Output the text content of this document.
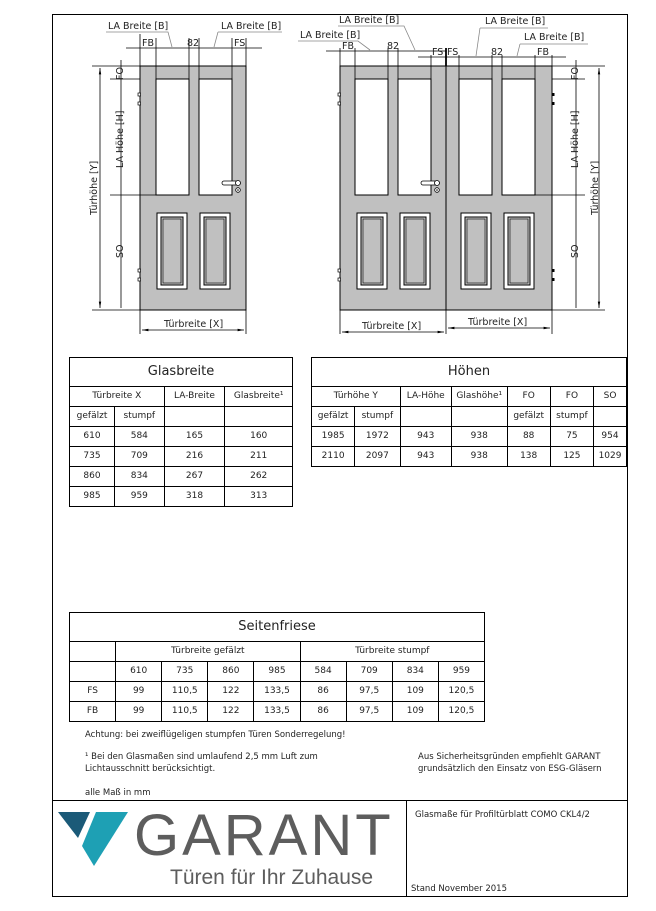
LA Breite [B]	LA Breite [B]
FB	82	FS
FO
LA Höhe [H]
Türhöhe [Y]
SO
Türbreite [X]
LA Breite [B]
LA Breite [B]
LA Breite [B]
LA Breite [B]
FB	82
FS FS	82	FB
FO
LA Höhe [H]
Türhöhe [Y]
SO
Türbreite [X]	Türbreite [X]
Glasbreite			
Türbreite X		LA-Breite	Glasbreite¹
gefälzt	stumpf		
610	584	165	160
735	709	216	211
860	834	267	262
985	959	318	313
Höhen						
Türhöhe Y		LA-Höhe	Glashöhe¹	FO	FO	SO
gefälzt	stumpf			gefälzt	stumpf	
1985	1972	943	938	88	75	954
2110	2097	943	938	138	125	1029
Seitenfriese								
	Türbreite gefälzt				Türbreite stumpf			
	610	735	860	985	584	709	834	959
FS	99	110,5	122	133,5	86	97,5	109	120,5
FB	99	110,5	122	133,5	86	97,5	109	120,5
Achtung: bei zweiflügeligen stumpfen Türen Sonderregelung!
¹ Bei den Glasmaßen sind umlaufend 2,5 mm Luft zum
Lichtausschnitt berücksichtigt.
alle Maß in mm
Aus Sicherheitsgründen empfiehlt GARANT
grundsätzlich den Einsatz von ESG-Gläsern
GARANT
Türen für Ihr Zuhause
Glasmaße für Profiltürblatt COMO CKL4/2
Stand November 2015
